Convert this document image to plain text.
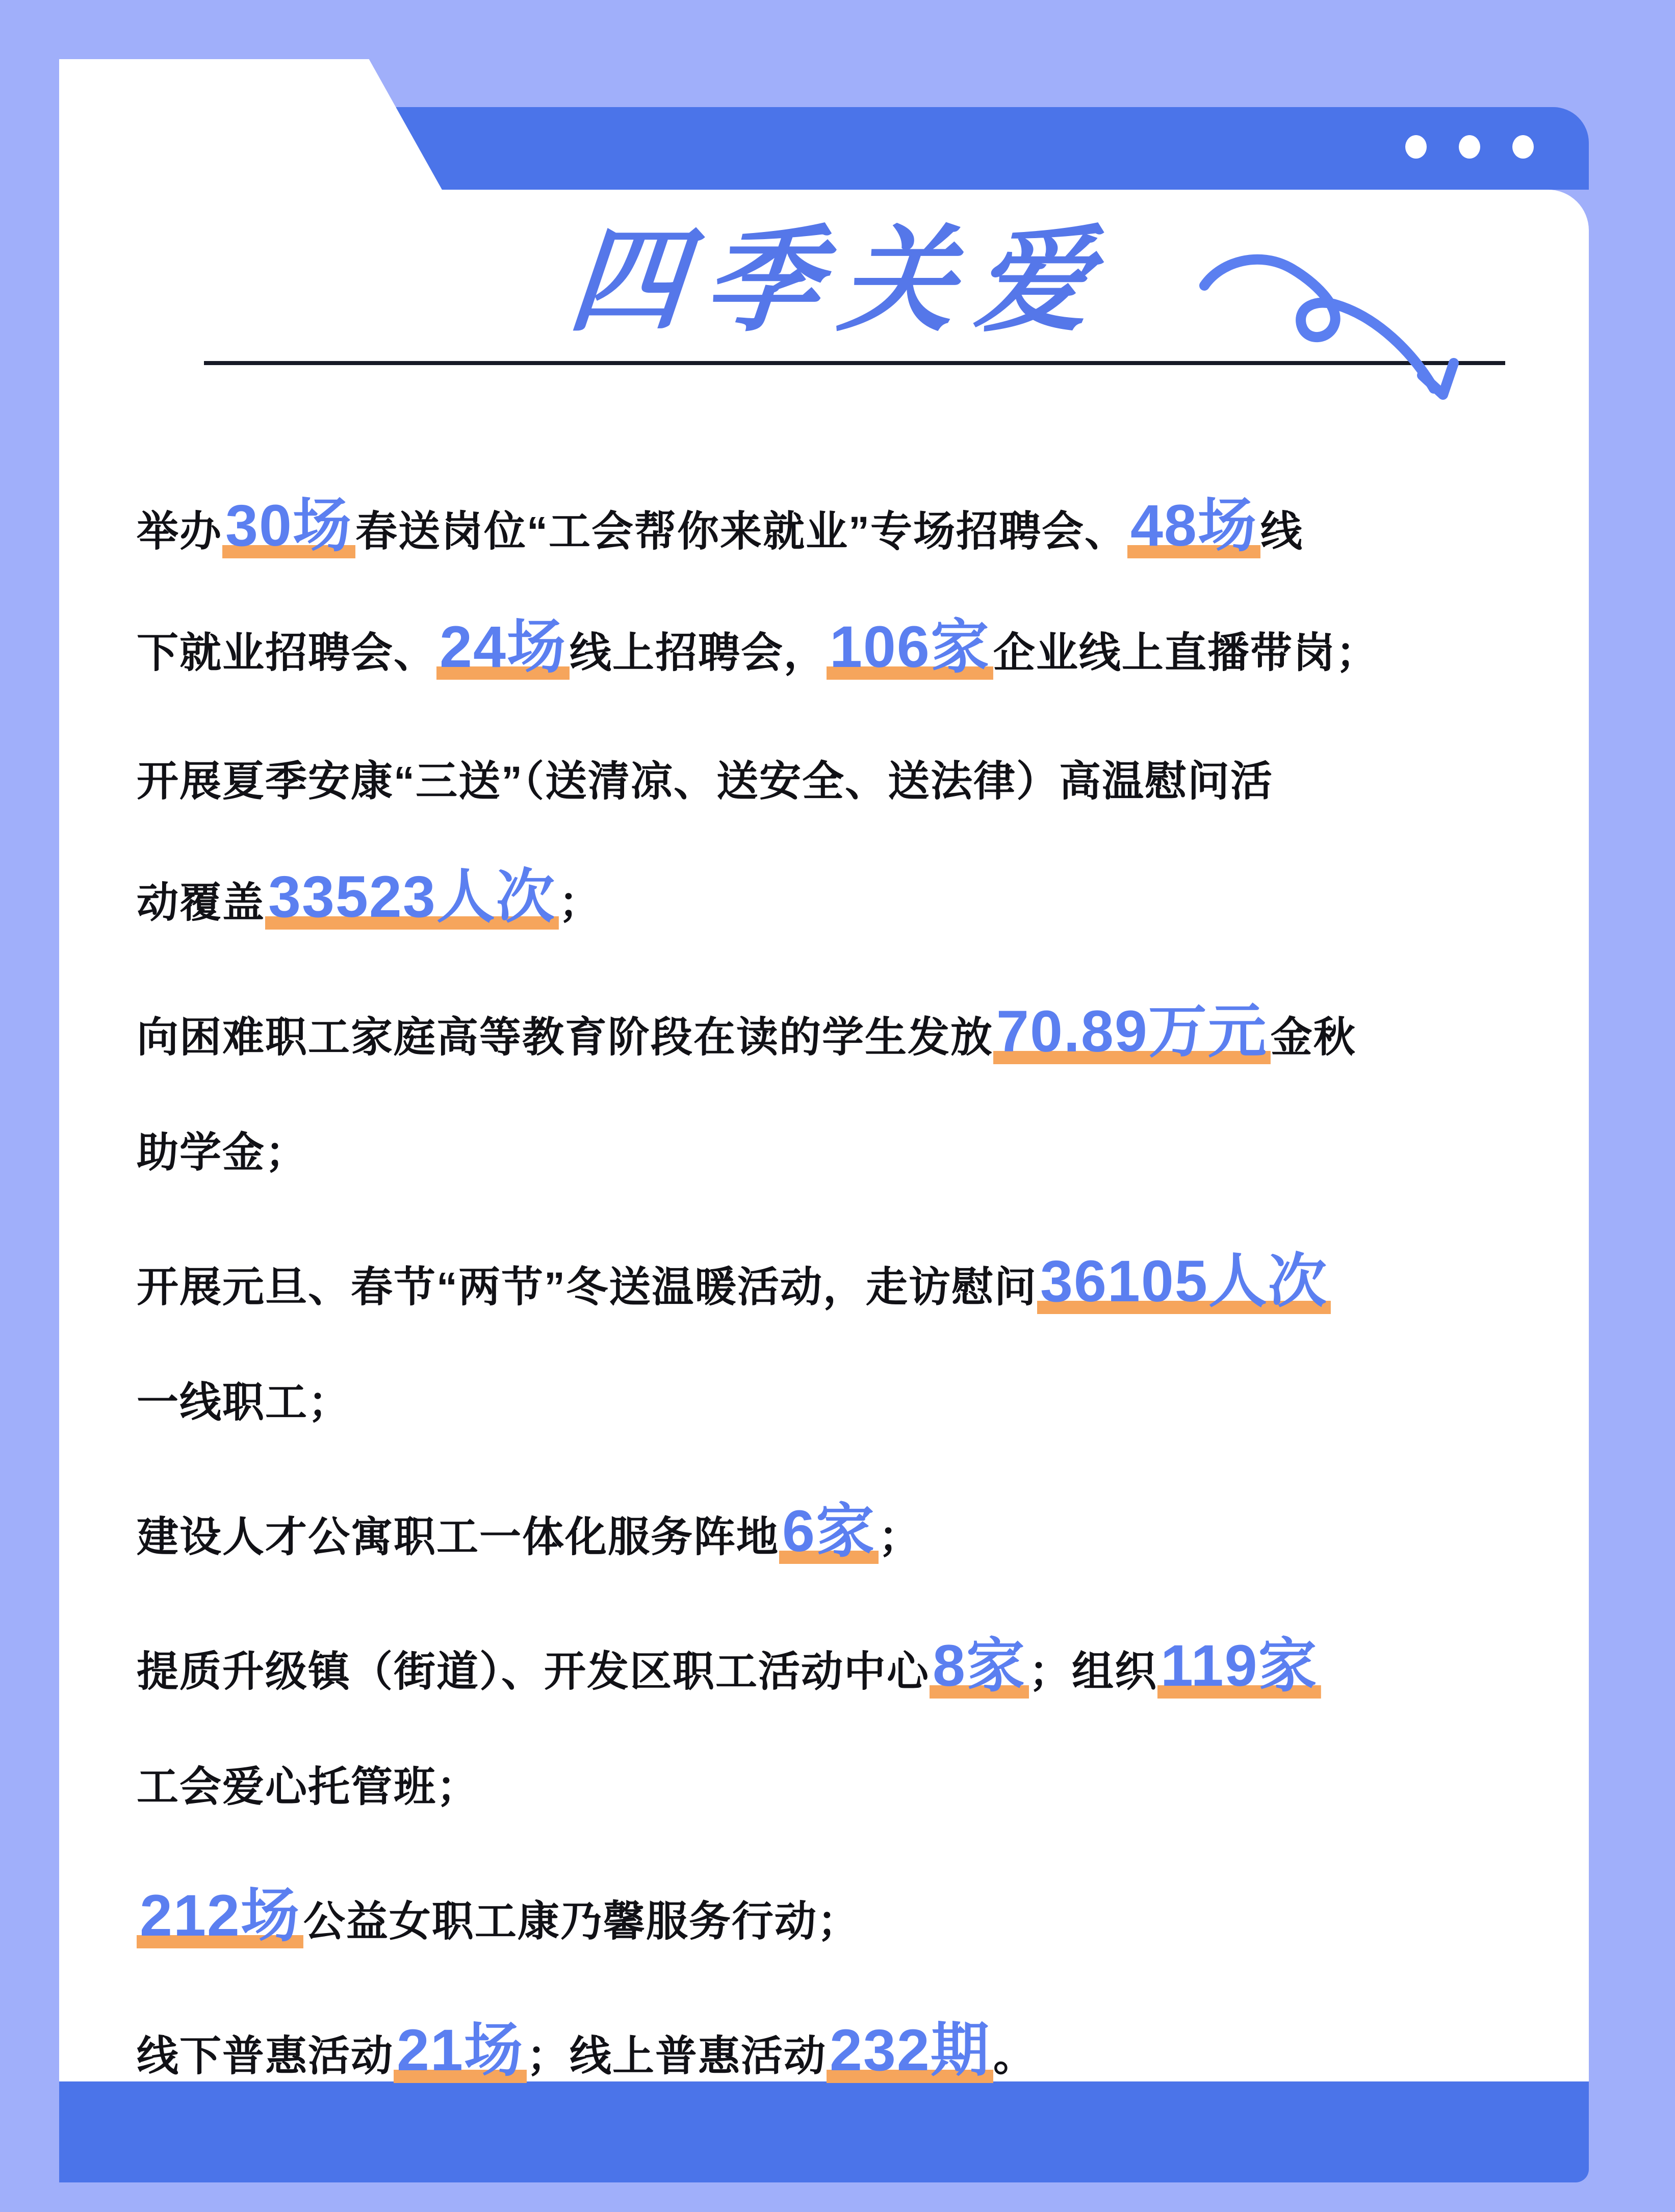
四季关爱
举办30场春送岗位“工会帮你来就业”专场招聘会、48场线
下就业招聘会、24场线上招聘会，106家企业线上直播带岗；
开展夏季安康“三送”（送清凉、送安全、送法律）高温慰问活
动覆盖33523人次；
向困难职工家庭高等教育阶段在读的学生发放70.89万元金秋
助学金；
开展元旦、春节“两节”冬送温暖活动，走访慰问36105人次
一线职工；
建设人才公寓职工一体化服务阵地6家；
提质升级镇（街道）、开发区职工活动中心8家；组织119家
工会爱心托管班；
212场公益女职工康乃馨服务行动；
线下普惠活动21场；线上普惠活动232期。
